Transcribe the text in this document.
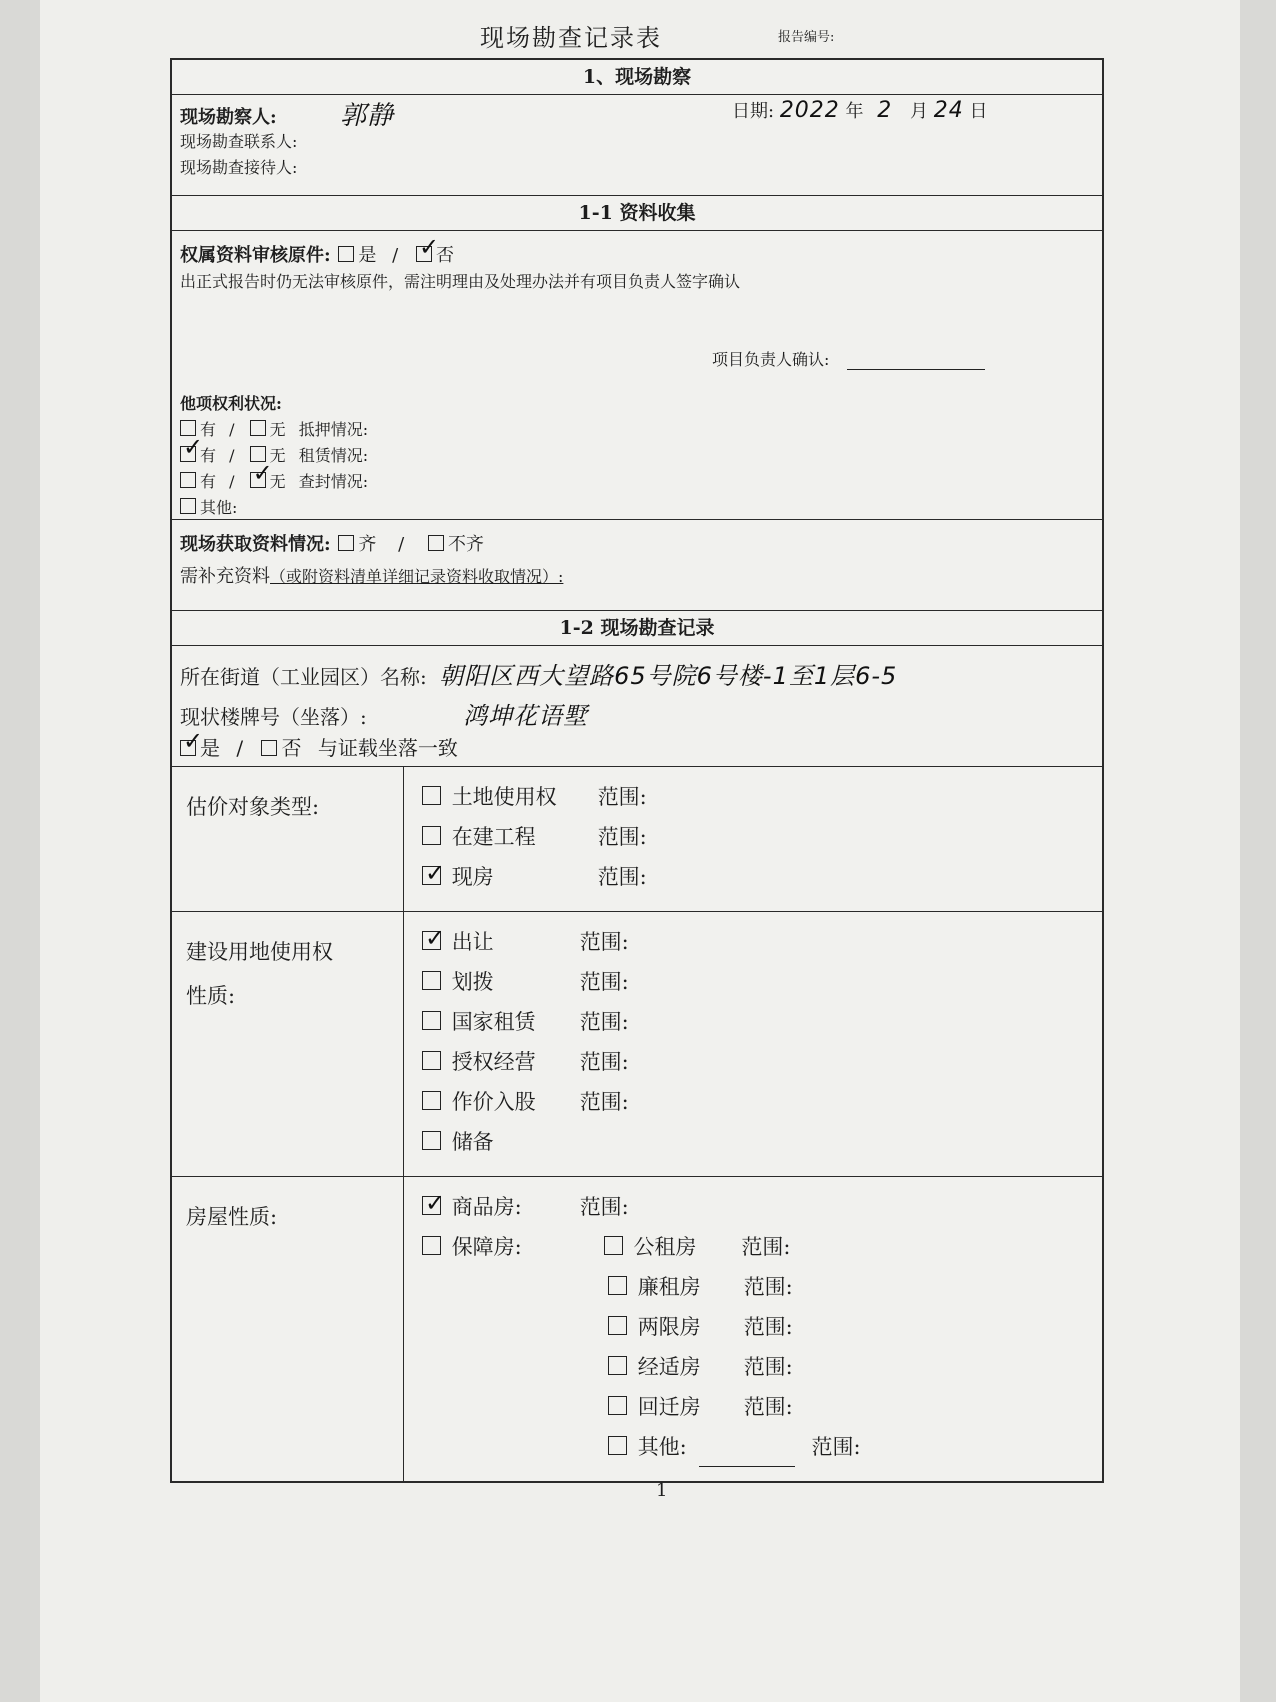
现场勘查记录表	报告编号:
1、现场勘察
现场勘察人: 郭静
现场勘查联系人:
现场勘查接待人:
日期: 2022 年 2 月 24 日
1-1 资料收集
权属资料审核原件: 是 / ✓ 否
出正式报告时仍无法审核原件，需注明理由及处理办法并有项目负责人签字确认
项目负责人确认:
他项权利状况:
有 / 无 抵押情况:
✓有 / 无 租赁情况:
有 / ✓ 无 查封情况:
其他:
现场获取资料情况: 齐 / 不齐
需补充资料（或附资料清单详细记录资料收取情况）:
1-2 现场勘查记录
所在街道（工业园区）名称: 朝阳区西大望路65号院6号楼-1至1层6-5
现状楼牌号（坐落）:	鸿坤花语墅
✓是 / 否 与证载坐落一致
估价对象类型:	土地使用权 范围:
在建工程	范围:
✓ 现房	范围:
建设用地使用权
性质:
✓ 出让	范围:
划拨	范围:
国家租赁 范围:
授权经营 范围:
作价入股 范围:
储备
房屋性质: ✓	商品房:	范围:
保障房:	公租房 范围:
廉租房 范围:
两限房 范围:
经适房 范围:
回迁房 范围:
其他:	范围:
1
